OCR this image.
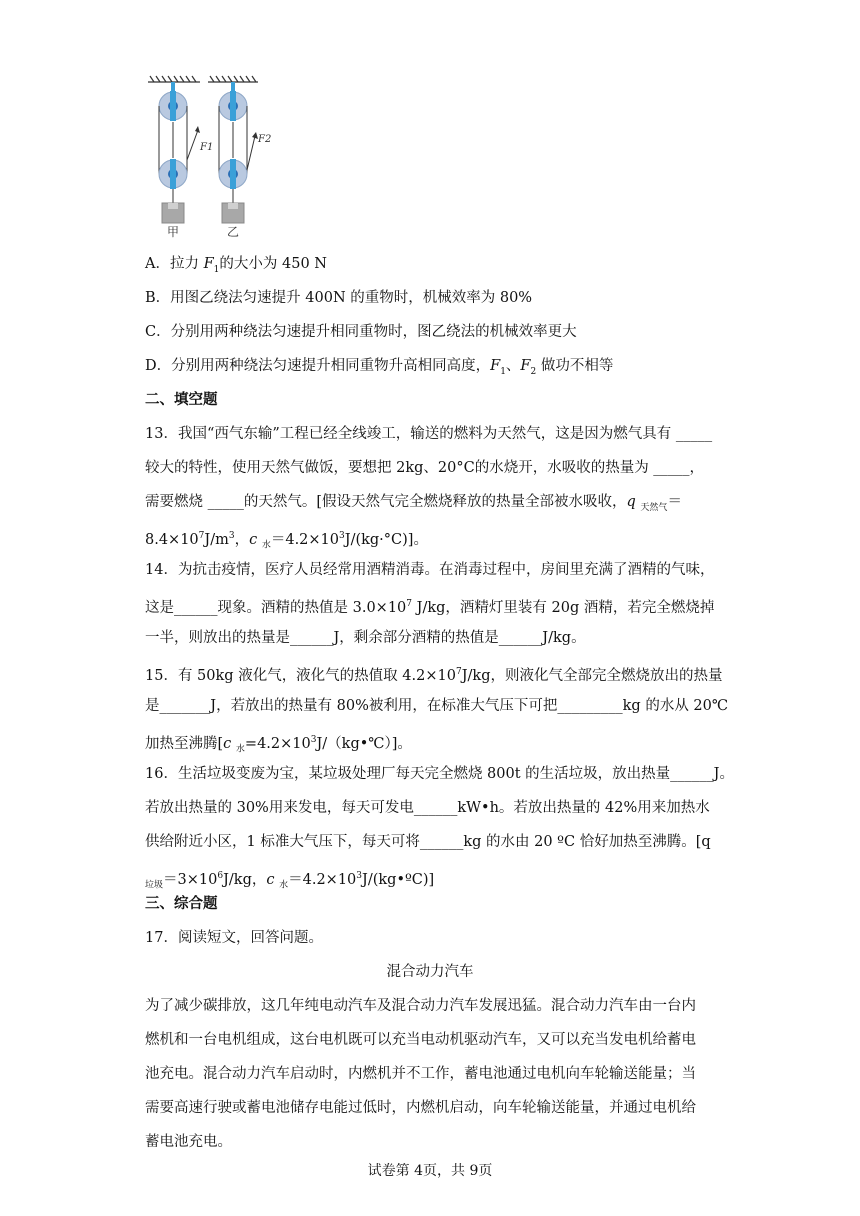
F1
F2
甲	乙
A．拉力 $F_1$的大小为 450 N
B．用图乙绕法匀速提升 400N 的重物时，机械效率为 80%
C．分别用两种绕法匀速提升相同重物时，图乙绕法的机械效率更大
D．分别用两种绕法匀速提升相同重物升高相同高度，$F_1$、$F_2$ 做功不相等
二、填空题
13．我国“西气东输”工程已经全线竣工，输送的燃料为天然气，这是因为燃气具有 _____
较大的特性，使用天然气做饭，要想把 2kg、20°C的水烧开，水吸收的热量为 _____，
需要燃烧 _____的天然气。[假设天然气完全燃烧释放的热量全部被水吸收，q $_{天然气}$＝
$8.4\times 10^7J/m^3$，c $_水=4.2\times 10^3J/(kg\cdot^\circ C)$]。
14．为抗击疫情，医疗人员经常用酒精消毒。在消毒过程中，房间里充满了酒精的气味，
这是______现象。酒精的热值是 $3.0\times 10^7$ J/kg，酒精灯里装有 20g 酒精，若完全燃烧掉
一半，则放出的热量是______J，剩余部分酒精的热值是______J/kg。
15．有 50kg 液化气，液化气的热值取 $4.2\times 10^7J/kg$，则液化气全部完全燃烧放出的热量
是_______J，若放出的热量有 80%被利用，在标准大气压下可把_________kg 的水从 20℃
加热至沸腾[c $_水=4.2\times 10^3J/(kg•℃)$]。
16．生活垃圾变废为宝，某垃圾处理厂每天完全燃烧 800t 的生活垃圾，放出热量______J。
若放出热量的 30%用来发电，每天可发电______kW•h。若放出热量的 42%用来加热水
供给附近小区，1 标准大气压下，每天可将______kg 的水由 20 ºC 恰好加热至沸腾。[q
$_{垃圾}=3\times 10^6J/kg$，c $_水=4.2\times 10^3J/(kg•ºC)$]
三、综合题
17．阅读短文，回答问题。
混合动力汽车
为了减少碳排放，这几年纯电动汽车及混合动力汽车发展迅猛。混合动力汽车由一台内
燃机和一台电机组成，这台电机既可以充当电动机驱动汽车，又可以充当发电机给蓄电
池充电。混合动力汽车启动时，内燃机并不工作，蓄电池通过电机向车轮输送能量；当
需要高速行驶或蓄电池储存电能过低时，内燃机启动，向车轮输送能量，并通过电机给
蓄电池充电。
试卷第 4页，共 9页
